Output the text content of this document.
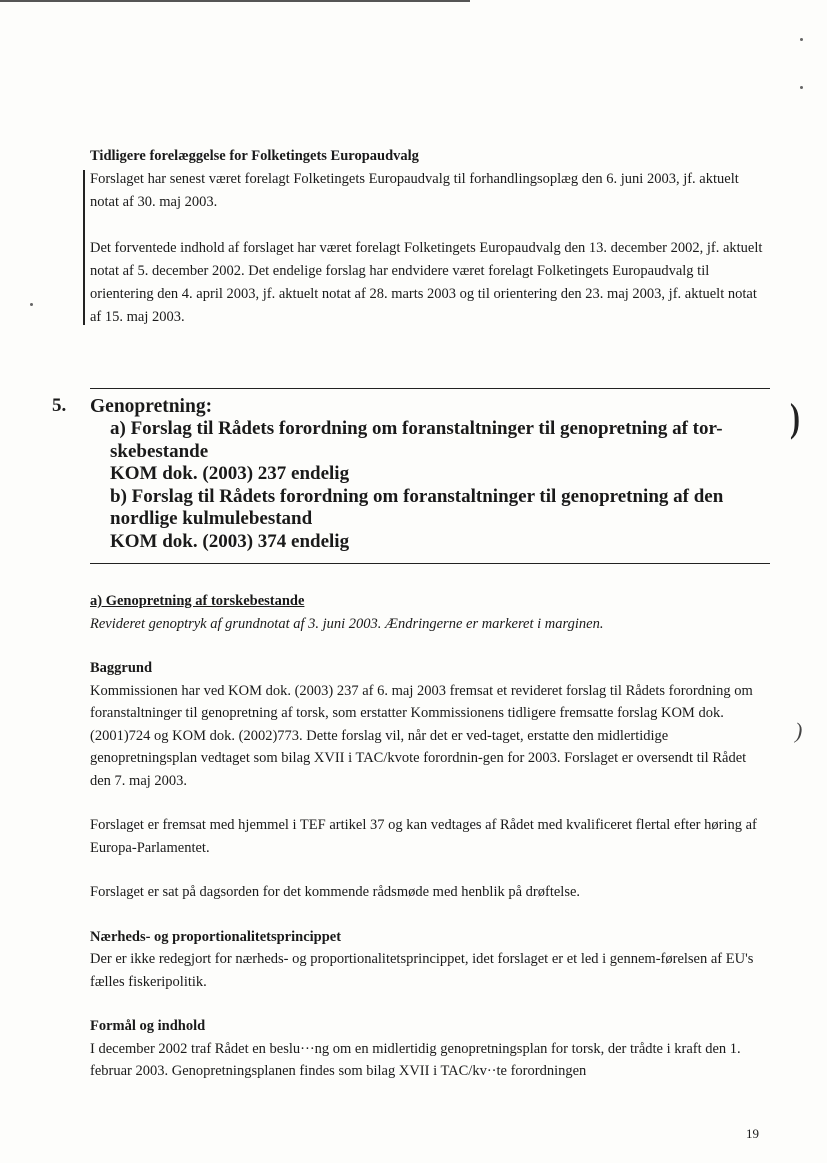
Tidligere forelæggelse for Folketingets Europaudvalg

Forslaget har senest været forelagt Folketingets Europaudvalg til forhandlingsoplæg den 6. juni 2003, jf. aktuelt notat af 30. maj 2003.

Det forventede indhold af forslaget har været forelagt Folketingets Europaudvalg den 13. december 2002, jf. aktuelt notat af 5. december 2002. Det endelige forslag har endvidere været forelagt Folketingets Europaudvalg til orientering den 4. april 2003, jf. aktuelt notat af 28. marts 2003 og til orientering den 23. maj 2003, jf. aktuelt notat af 15. maj 2003.

5. Genopretning:
a) Forslag til Rådets forordning om foranstaltninger til genopretning af tor-skebestande
KOM dok. (2003) 237 endelig
b) Forslag til Rådets forordning om foranstaltninger til genopretning af den nordlige kulmulebestand
KOM dok. (2003) 374 endelig
)

a) Genopretning af torskebestande

Revideret genoptryk af grundnotat af 3. juni 2003. Ændringerne er markeret i marginen.

Baggrund

Kommissionen har ved KOM dok. (2003) 237 af 6. maj 2003 fremsat et revideret forslag til Rådets forordning om foranstaltninger til genopretning af torsk, som erstatter Kommissionens tidligere fremsatte forslag KOM dok. (2001)724 og KOM dok. (2002)773. Dette forslag vil, når det er ved-taget, erstatte den midlertidige genopretningsplan vedtaget som bilag XVII i TAC/kvote forordnin-gen for 2003. Forslaget er oversendt til Rådet den 7. maj 2003.

Forslaget er fremsat med hjemmel i TEF artikel 37 og kan vedtages af Rådet med kvalificeret flertal efter høring af Europa-Parlamentet.

Forslaget er sat på dagsorden for det kommende rådsmøde med henblik på drøftelse.

Nærheds- og proportionalitetsprincippet

Der er ikke redegjort for nærheds- og proportionalitetsprincippet, idet forslaget er et led i gennem-førelsen af EU's fælles fiskeripolitik.

Formål og indhold

I december 2002 traf Rådet en beslu···ng om en midlertidig genopretningsplan for torsk, der trådte i kraft den 1. februar 2003. Genopretningsplanen findes som bilag XVII i TAC/kv··te forordningen

)
19
